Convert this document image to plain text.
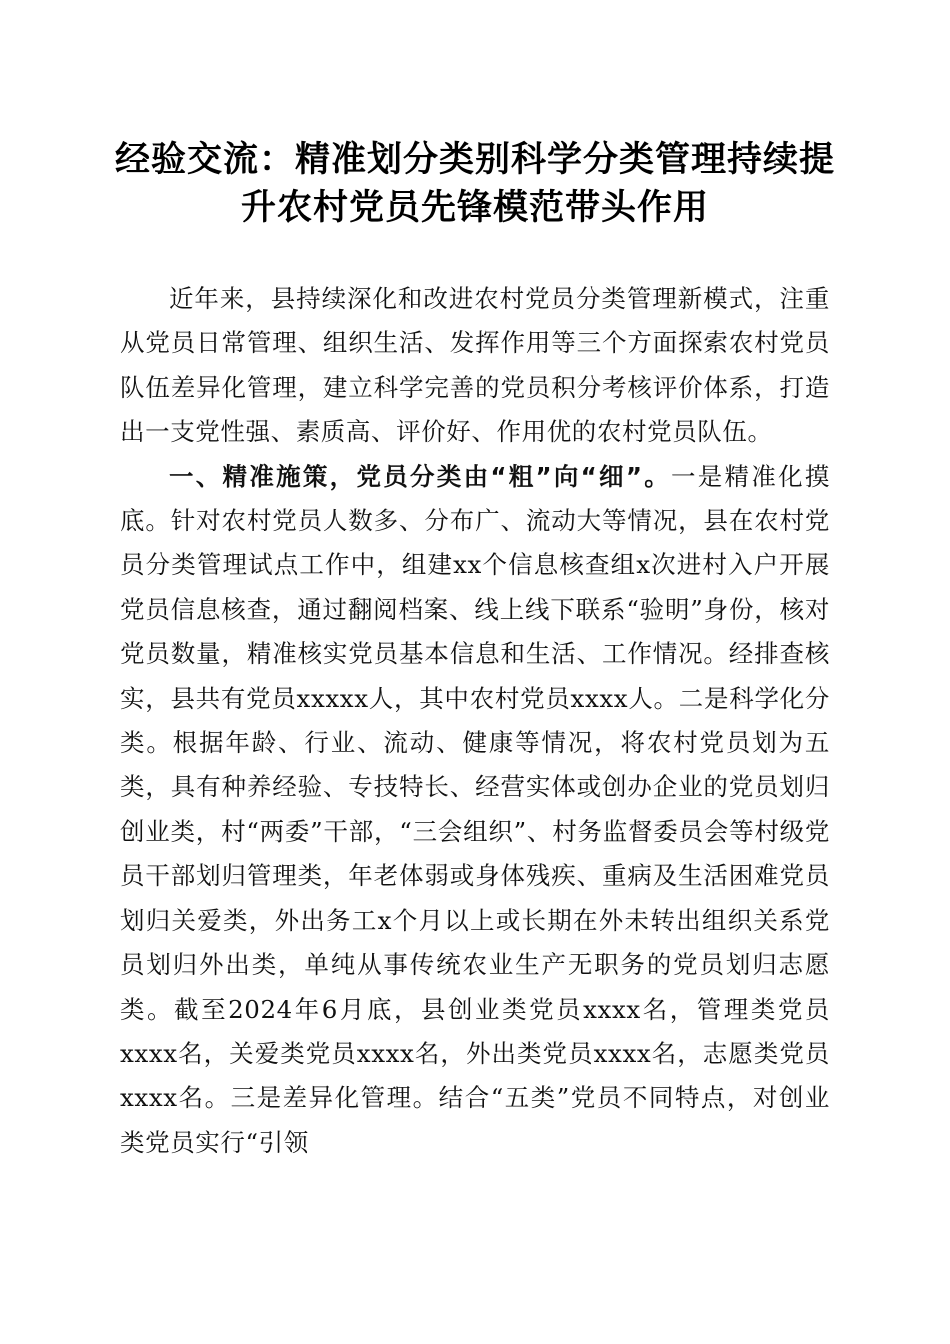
经验交流：精准划分类别科学分类管理持续提
升农村党员先锋模范带头作用

近年来，县持续深化和改进农村党员分类管理新模式，注重从党员日常管理、组织生活、发挥作用等三个方面探索农村党员队伍差异化管理，建立科学完善的党员积分考核评价体系，打造出一支党性强、素质高、评价好、作用优的农村党员队伍。

一、精准施策，党员分类由“粗”向“细”。一是精准化摸底。针对农村党员人数多、分布广、流动大等情况，县在农村党员分类管理试点工作中，组建xx个信息核查组x次进村入户开展党员信息核查，通过翻阅档案、线上线下联系“验明”身份，核对党员数量，精准核实党员基本信息和生活、工作情况。经排查核实，县共有党员xxxxx人，其中农村党员xxxx人。二是科学化分类。根据年龄、行业、流动、健康等情况，将农村党员划为五类，具有种养经验、专技特长、经营实体或创办企业的党员划归创业类，村“两委”干部，“三会组织”、村务监督委员会等村级党员干部划归管理类，年老体弱或身体残疾、重病及生活困难党员划归关爱类，外出务工x个月以上或长期在外未转出组织关系党员划归外出类，单纯从事传统农业生产无职务的党员划归志愿类。截至2024年6月底，县创业类党员xxxx名，管理类党员xxxx名，关爱类党员xxxx名，外出类党员xxxx名，志愿类党员xxxx名。三是差异化管理。结合“五类”党员不同特点，对创业类党员实行“引领
